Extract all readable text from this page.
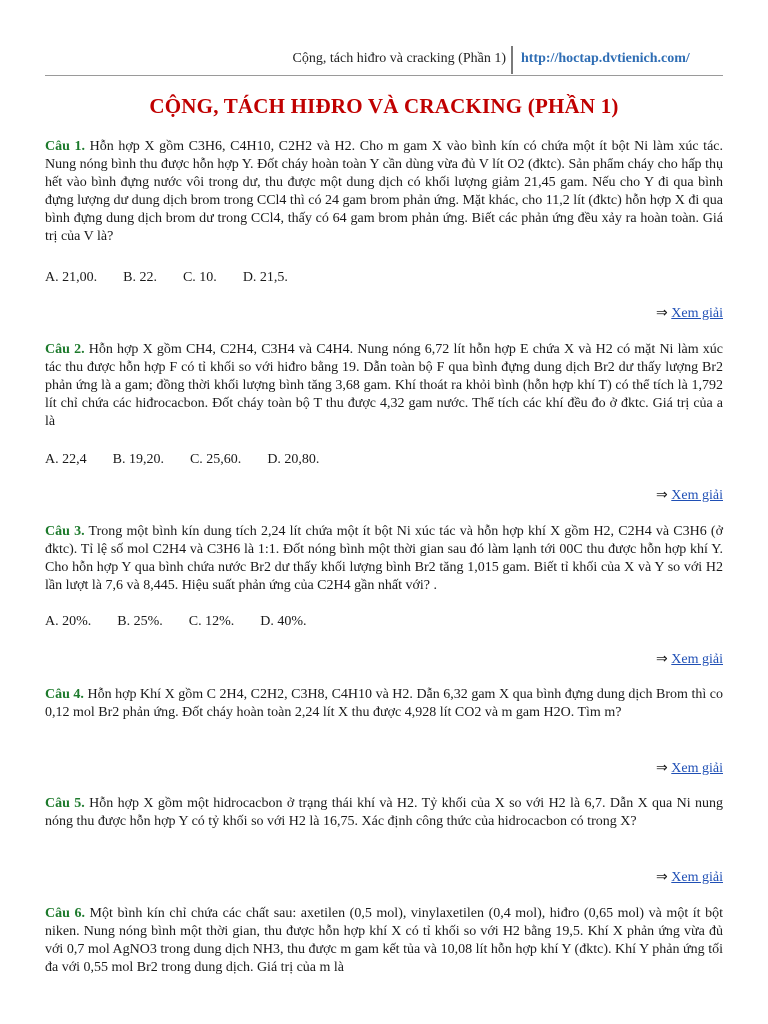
Cộng, tách hiđro và cracking (Phần 1) http://hoctap.dvtienich.com/
CỘNG, TÁCH HIĐRO VÀ CRACKING (PHẦN 1)
Câu 1. Hỗn hợp X gồm C3H6, C4H10, C2H2 và H2. Cho m gam X vào bình kín có chứa một ít bột Ni làm xúc tác. Nung nóng bình thu được hỗn hợp Y. Đốt cháy hoàn toàn Y cần dùng vừa đủ V lít O2 (đktc). Sản phẩm cháy cho hấp thụ hết vào bình đựng nước vôi trong dư, thu được một dung dịch có khối lượng giảm 21,45 gam. Nếu cho Y đi qua bình đựng lượng dư dung dịch brom trong CCl4 thì có 24 gam brom phản ứng. Mặt khác, cho 11,2 lít (đktc) hỗn hợp X đi qua bình đựng dung dịch brom dư trong CCl4, thấy có 64 gam brom phản ứng. Biết các phản ứng đều xảy ra hoàn toàn. Giá trị của V là?
A. 21,00. B. 22. C. 10. D. 21,5.
⇒ Xem giải
Câu 2. Hỗn hợp X gồm CH4, C2H4, C3H4 và C4H4. Nung nóng 6,72 lít hỗn hợp E chứa X và H2 có mặt Ni làm xúc tác thu được hỗn hợp F có tỉ khối so với hiđro bằng 19. Dẫn toàn bộ F qua bình đựng dung dịch Br2 dư thấy lượng Br2 phản ứng là a gam; đồng thời khối lượng bình tăng 3,68 gam. Khí thoát ra khỏi bình (hỗn hợp khí T) có thể tích là 1,792 lít chỉ chứa các hiđrocacbon. Đốt cháy toàn bộ T thu được 4,32 gam nước. Thể tích các khí đều đo ở đktc. Giá trị của a là
A. 22,4 B. 19,20. C. 25,60. D. 20,80.
⇒ Xem giải
Câu 3. Trong một bình kín dung tích 2,24 lít chứa một ít bột Ni xúc tác và hỗn hợp khí X gồm H2, C2H4 và C3H6 (ở đktc). Tỉ lệ số mol C2H4 và C3H6 là 1:1. Đốt nóng bình một thời gian sau đó làm lạnh tới 00C thu được hỗn hợp khí Y. Cho hỗn hợp Y qua bình chứa nước Br2 dư thấy khối lượng bình Br2 tăng 1,015 gam. Biết tỉ khối của X và Y so với H2 lần lượt là 7,6 và 8,445. Hiệu suất phản ứng của C2H4 gần nhất với? .
A. 20%. B. 25%. C. 12%. D. 40%.
⇒ Xem giải
Câu 4. Hỗn hợp Khí X gồm C 2H4, C2H2, C3H8, C4H10 và H2. Dẫn 6,32 gam X qua bình đựng dung dịch Brom thì co 0,12 mol Br2 phản ứng. Đốt cháy hoàn toàn 2,24 lít X thu được 4,928 lít CO2 và m gam H2O. Tìm m?
⇒ Xem giải
Câu 5. Hỗn hợp X gồm một hidrocacbon ở trạng thái khí và H2. Tỷ khối của X so với H2 là 6,7. Dẫn X qua Ni nung nóng thu được hỗn hợp Y có tỷ khối so với H2 là 16,75. Xác định công thức của hidrocacbon có trong X?
⇒ Xem giải
Câu 6. Một bình kín chỉ chứa các chất sau: axetilen (0,5 mol), vinylaxetilen (0,4 mol), hiđro (0,65 mol) và một ít bột niken. Nung nóng bình một thời gian, thu được hỗn hợp khí X có tỉ khối so với H2 bằng 19,5. Khí X phản ứng vừa đủ với 0,7 mol AgNO3 trong dung dịch NH3, thu được m gam kết tủa và 10,08 lít hỗn hợp khí Y (đktc). Khí Y phản ứng tối đa với 0,55 mol Br2 trong dung dịch. Giá trị của m là
